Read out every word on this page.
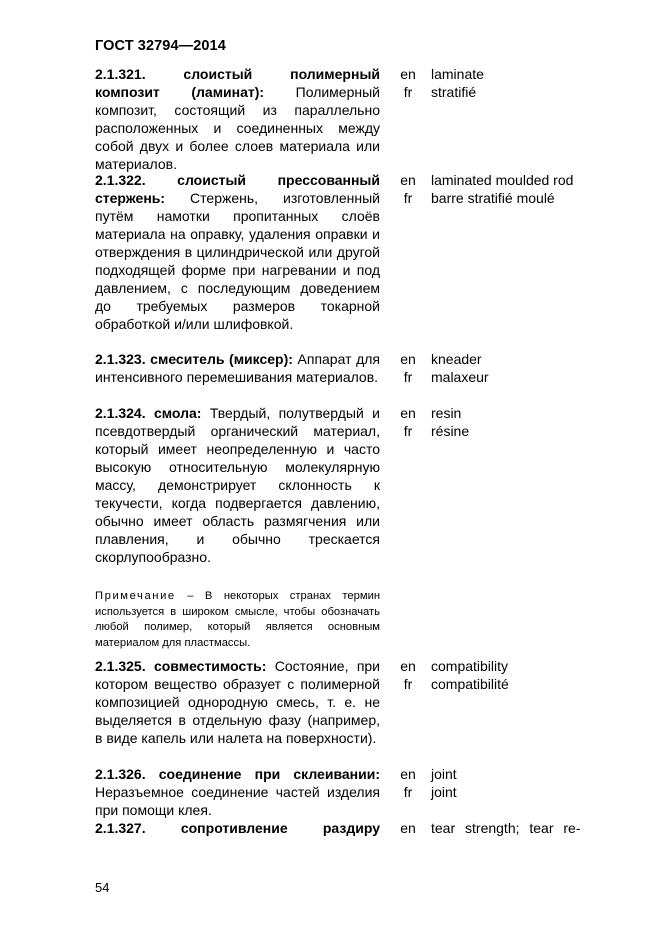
ГОСТ 32794—2014
2.1.321. слоистый полимерный композит (ламинат): Полимерный композит, состоящий из параллельно расположенных и соединенных между собой двух и более слоев материала или материалов.
en	laminate
fr	stratifié
2.1.322. слоистый прессованный стержень: Стержень, изготовленный путём намотки пропитанных слоёв материала на оправку, удаления оправки и отверждения в цилиндрической или другой подходящей форме при нагревании и под давлением, с последующим доведением до требуемых размеров токарной обработкой и/или шлифовкой.
en	laminated moulded rod
fr	barre stratifié moulé
2.1.323. смеситель (миксер): Аппарат для интенсивного перемешивания материалов.
en	kneader
fr	malaxeur
2.1.324. смола: Твердый, полутвердый и псевдотвердый органический материал, который имеет неопределенную и часто высокую относительную молекулярную массу, демонстрирует склонность к текучести, когда подвергается давлению, обычно имеет область размягчения или плавления, и обычно трескается скорлупообразно.
en	resin
fr	résine
Примечание – В некоторых странах термин используется в широком смысле, чтобы обозначать любой полимер, который является основным материалом для пластмассы.
2.1.325. совместимость: Состояние, при котором вещество образует с полимерной композицией однородную смесь, т. е. не выделяется в отдельную фазу (например, в виде капель или налета на поверхности).
en	compatibility
fr	compatibilité
2.1.326. соединение при склеивании: Неразъемное соединение частей изделия при помощи клея.
en	joint
fr	joint
2.1.327. сопротивление раздиру	en	tear strength; tear re-
54
